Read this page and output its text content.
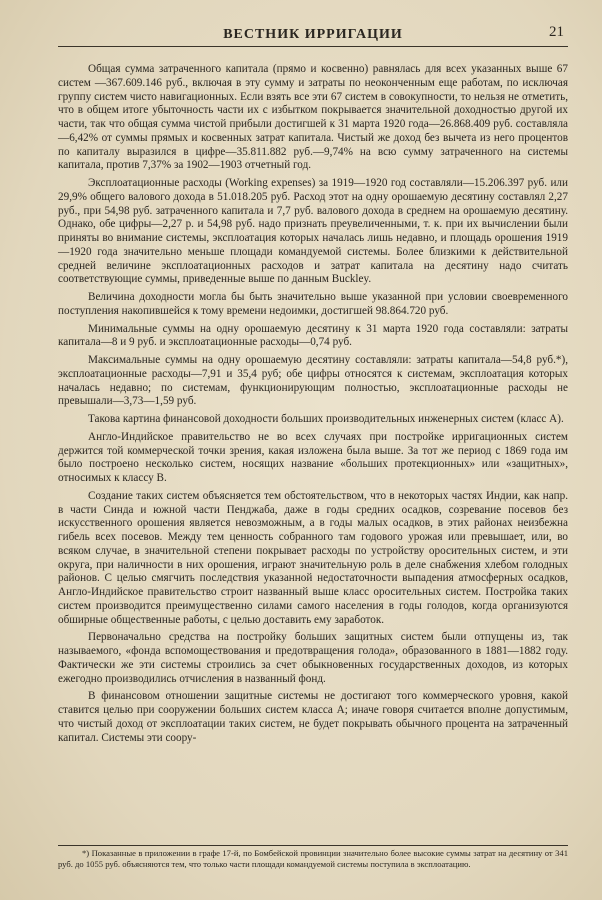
ВЕСТНИК ИРРИГАЦИИ	21

Общая сумма затраченного капитала (прямо и косвенно) равнялась для всех указанных выше 67 систем —367.609.146 руб., включая в эту сумму и затраты по неоконченным еще работам, по исключая группу систем чисто навигационных. Если взять все эти 67 систем в совокупности, то нельзя не отметить, что в общем итоге убыточность части их с избытком покрывается значительной доходностью другой их части, так что общая сумма чистой прибыли достигшей к 31 марта 1920 года—26.868.409 руб. составляла—6,42% от суммы прямых и косвенных затрат капитала. Чистый же доход без вычета из него процентов по капиталу выразился в цифре—35.811.882 руб.—9,74% на всю сумму затраченного на системы капитала, против 7,37% за 1902—1903 отчетный год.

Эксплоатационные расходы (Working expenses) за 1919—1920 год составляли—15.206.397 руб. или 29,9% общего валового дохода в 51.018.205 руб. Расход этот на одну орошаемую десятину составлял 2,27 руб., при 54,98 руб. затраченного капитала и 7,7 руб. валового дохода в среднем на орошаемую десятину. Однако, обе цифры—2,27 р. и 54,98 руб. надо признать преувеличенными, т. к. при их вычислении были приняты во внимание системы, эксплоатация которых началась лишь недавно, и площадь орошения 1919—1920 года значительно меньше площади командуемой системы. Более близкими к действительной средней величине эксплоатационных расходов и затрат капитала на десятину надо считать соответствующие суммы, приведенные выше по данным Buckley.

Величина доходности могла бы быть значительно выше указанной при условии своевременного поступления накопившейся к тому времени недоимки, достигшей 98.864.720 руб.

Минимальные суммы на одну орошаемую десятину к 31 марта 1920 года составляли: затраты капитала—8 и 9 руб. и эксплоатационные расходы—0,74 руб.

Максимальные суммы на одну орошаемую десятину составляли: затраты капитала—54,8 руб.*), эксплоатационные расходы—7,91 и 35,4 руб; обе цифры относятся к системам, эксплоатация которых началась недавно; по системам, функционирующим полностью, эксплоатационные расходы не превышали—3,73—1,59 руб.

Такова картина финансовой доходности больших производительных инженерных систем (класс А).

Англо-Индийское правительство не во всех случаях при постройке ирригационных систем держится той коммерческой точки зрения, какая изложена была выше. За тот же период с 1869 года им было построено несколько систем, носящих название «больших протекционных» или «защитных», относимых к классу В.

Создание таких систем объясняется тем обстоятельством, что в некоторых частях Индии, как напр. в части Синда и южной части Пенджаба, даже в годы средних осадков, созревание посевов без искусственного орошения является невозможным, а в годы малых осадков, в этих районах неизбежна гибель всех посевов. Между тем ценность собранного там годового урожая или превышает, или, во всяком случае, в значительной степени покрывает расходы по устройству оросительных систем, и эти округа, при наличности в них орошения, играют значительную роль в деле снабжения хлебом голодных районов. С целью смягчить последствия указанной недостаточности выпадения атмосферных осадков, Англо-Индийское правительство строит названный выше класс оросительных систем. Постройка таких систем производится преимущественно силами самого населения в годы голодов, когда организуются обширные общественные работы, с целью доставить ему заработок.

Первоначально средства на постройку больших защитных систем были отпущены из, так называемого, «фонда вспомоществования и предотвращения голода», образованного в 1881—1882 году. Фактически же эти системы строились за счет обыкновенных государственных доходов, из которых ежегодно производились отчисления в названный фонд.

В финансовом отношении защитные системы не достигают того коммерческого уровня, какой ставится целью при сооружении больших систем класса А; иначе говоря считается вполне допустимым, что чистый доход от эксплоатации таких систем, не будет покрывать обычного процента на затраченный капитал. Системы эти соору-

*) Показанные в приложении в графе 17-й, по Бомбейской провинции значительно более высокие суммы затрат на десятину от 341 руб. до 1055 руб. объясняются тем, что только части площади командуемой системы поступила в эксплоатацию.
